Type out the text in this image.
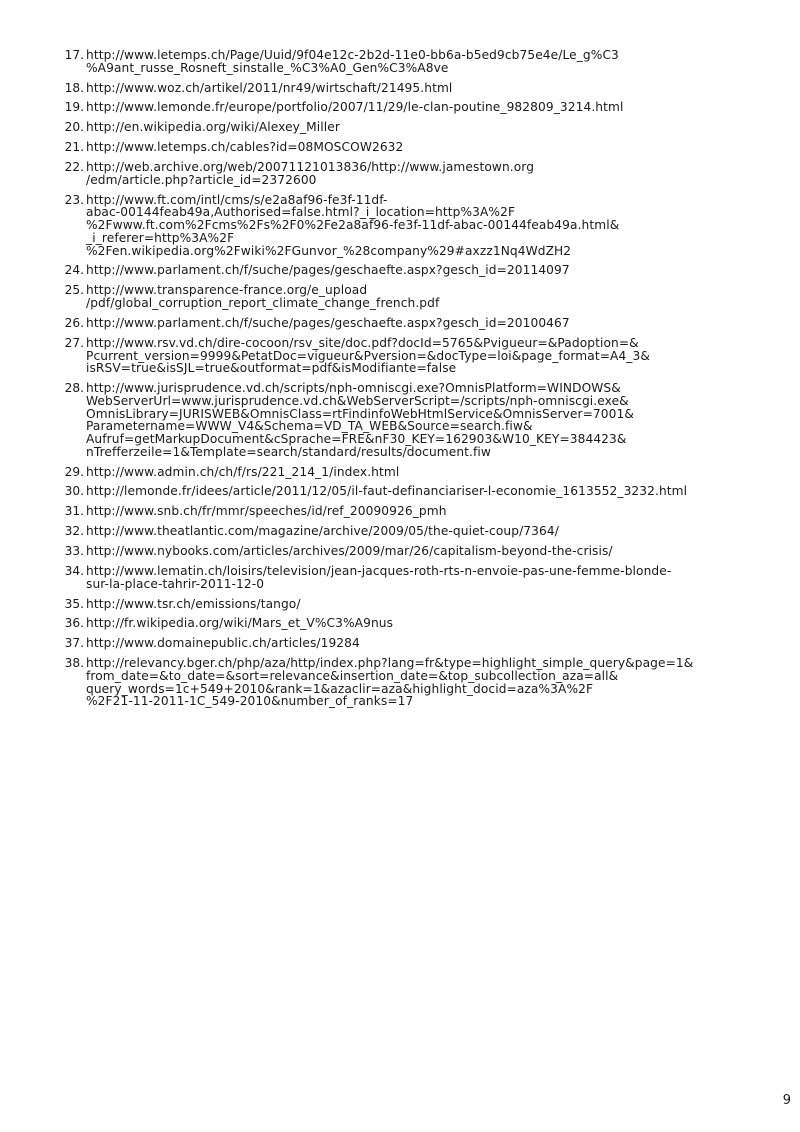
17. http://www.letemps.ch/Page/Uuid/9f04e12c-2b2d-11e0-bb6a-b5ed9cb75e4e/Le_g%C3
%A9ant_russe_Rosneft_sinstalle_%C3%A0_Gen%C3%A8ve
18. http://www.woz.ch/artikel/2011/nr49/wirtschaft/21495.html
19. http://www.lemonde.fr/europe/portfolio/2007/11/29/le-clan-poutine_982809_3214.html
20. http://en.wikipedia.org/wiki/Alexey_Miller
21. http://www.letemps.ch/cables?id=08MOSCOW2632
22. http://web.archive.org/web/20071121013836/http://www.jamestown.org
/edm/article.php?article_id=2372600
23. http://www.ft.com/intl/cms/s/e2a8af96-fe3f-11df-
abac-00144feab49a,Authorised=false.html?_i_location=http%3A%2F
%2Fwww.ft.com%2Fcms%2Fs%2F0%2Fe2a8af96-fe3f-11df-abac-00144feab49a.html&
_i_referer=http%3A%2F
%2Fen.wikipedia.org%2Fwiki%2FGunvor_%28company%29#axzz1Nq4WdZH2
24. http://www.parlament.ch/f/suche/pages/geschaefte.aspx?gesch_id=20114097
25. http://www.transparence-france.org/e_upload
/pdf/global_corruption_report_climate_change_french.pdf
26. http://www.parlament.ch/f/suche/pages/geschaefte.aspx?gesch_id=20100467
27. http://www.rsv.vd.ch/dire-cocoon/rsv_site/doc.pdf?docId=5765&Pvigueur=&Padoption=&
Pcurrent_version=9999&PetatDoc=vigueur&Pversion=&docType=loi&page_format=A4_3&
isRSV=true&isSJL=true&outformat=pdf&isModifiante=false
28. http://www.jurisprudence.vd.ch/scripts/nph-omniscgi.exe?OmnisPlatform=WINDOWS&
WebServerUrl=www.jurisprudence.vd.ch&WebServerScript=/scripts/nph-omniscgi.exe&
OmnisLibrary=JURISWEB&OmnisClass=rtFindinfoWebHtmlService&OmnisServer=7001&
Parametername=WWW_V4&Schema=VD_TA_WEB&Source=search.fiw&
Aufruf=getMarkupDocument&cSprache=FRE&nF30_KEY=162903&W10_KEY=384423&
nTrefferzeile=1&Template=search/standard/results/document.fiw
29. http://www.admin.ch/ch/f/rs/221_214_1/index.html
30. http://lemonde.fr/idees/article/2011/12/05/il-faut-definanciariser-l-economie_1613552_3232.html
31. http://www.snb.ch/fr/mmr/speeches/id/ref_20090926_pmh
32. http://www.theatlantic.com/magazine/archive/2009/05/the-quiet-coup/7364/
33. http://www.nybooks.com/articles/archives/2009/mar/26/capitalism-beyond-the-crisis/
34. http://www.lematin.ch/loisirs/television/jean-jacques-roth-rts-n-envoie-pas-une-femme-blonde-
sur-la-place-tahrir-2011-12-0
35. http://www.tsr.ch/emissions/tango/
36. http://fr.wikipedia.org/wiki/Mars_et_V%C3%A9nus
37. http://www.domainepublic.ch/articles/19284
38. http://relevancy.bger.ch/php/aza/http/index.php?lang=fr&type=highlight_simple_query&page=1&
from_date=&to_date=&sort=relevance&insertion_date=&top_subcollection_aza=all&
query_words=1c+549+2010&rank=1&azaclir=aza&highlight_docid=aza%3A%2F
%2F21-11-2011-1C_549-2010&number_of_ranks=17
9
